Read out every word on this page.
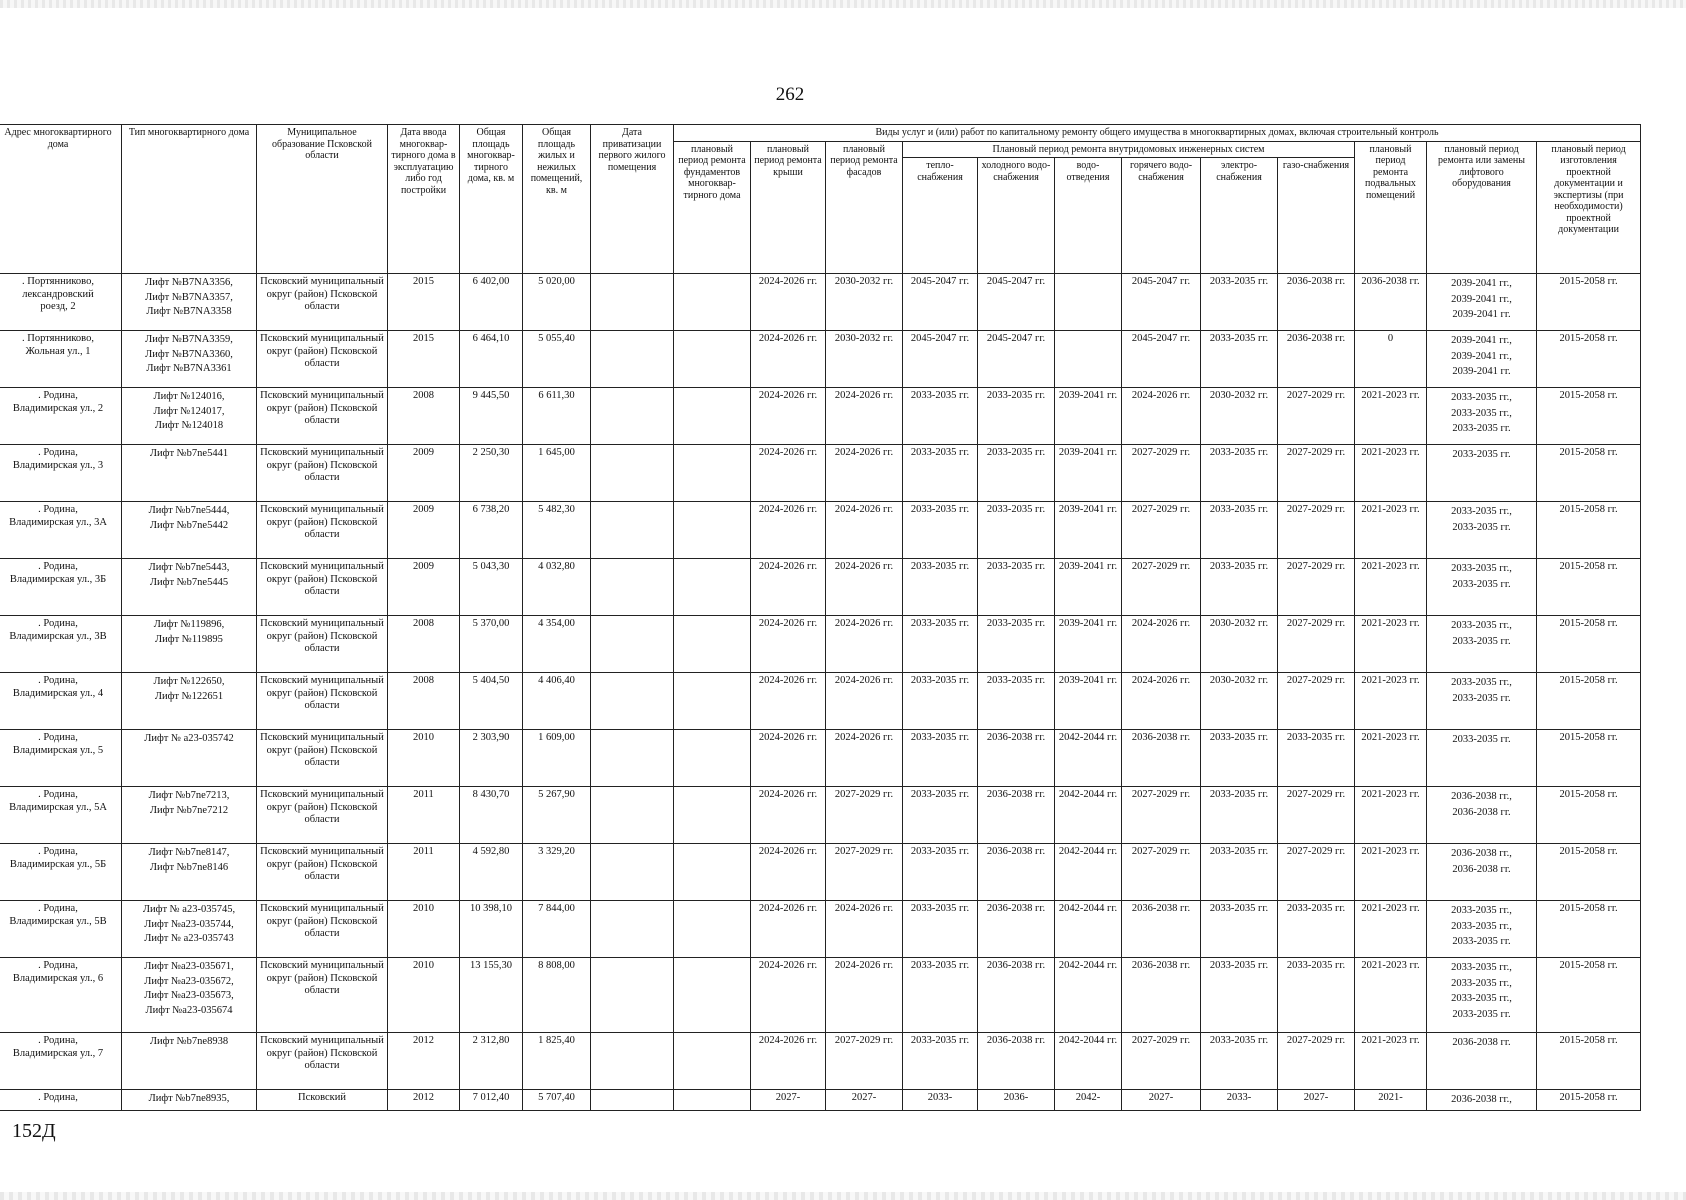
262
Адрес многоквартирного дома	Тип многоквартирного дома	Муниципальное образование Псковской области	Дата ввода многоквар-тирного дома в эксплуатацию либо год постройки	Общая площадь многоквар-тирного дома, кв. м	Общая площадь жилых и нежилых помещений, кв. м	Дата приватизации первого жилого помещения	Виды услуг и (или) работ по капитальному ремонту общего имущества в многоквартирных домах, включая строительный контроль											
							плановый период ремонта фундаментов многоквар-тирного дома	плановый период ремонта крыши	плановый период ремонта фасадов	Плановый период ремонта внутридомовых инженерных систем						плановый период ремонта подвальных помещений	плановый период ремонта или замены лифтового оборудования	плановый период изготовления проектной документации и экспертизы (при необходимости) проектной документации
										тепло-снабжения	холодного водо-снабжения	водо-отведения	горячего водо-снабжения	электро-снабжения	газо-снабжения			

. Портянниково,
лександровский
роезд, 2	Лифт №B7NA3356,
Лифт №B7NA3357,
Лифт №B7NA3358	Псковский муниципальный округ (район) Псковской области	2015	6 402,00	5 020,00			2024-2026 гг.	2030-2032 гг.	2045-2047 гг.	2045-2047 гг.		2045-2047 гг.	2033-2035 гг.	2036-2038 гг.	2036-2038 гг.	2039-2041 гг.,
2039-2041 гг.,
2039-2041 гг.	2015-2058 гг.

. Портянниково,
Жольная ул., 1	Лифт №B7NA3359,
Лифт №B7NA3360,
Лифт №B7NA3361	Псковский муниципальный округ (район) Псковской области	2015	6 464,10	5 055,40			2024-2026 гг.	2030-2032 гг.	2045-2047 гг.	2045-2047 гг.		2045-2047 гг.	2033-2035 гг.	2036-2038 гг.	0	2039-2041 гг.,
2039-2041 гг.,
2039-2041 гг.	2015-2058 гг.

. Родина,
Владимирская ул., 2	Лифт №124016,
Лифт №124017,
Лифт №124018	Псковский муниципальный округ (район) Псковской области	2008	9 445,50	6 611,30			2024-2026 гг.	2024-2026 гг.	2033-2035 гг.	2033-2035 гг.	2039-2041 гг.	2024-2026 гг.	2030-2032 гг.	2027-2029 гг.	2021-2023 гг.	2033-2035 гг.,
2033-2035 гг.,
2033-2035 гг.	2015-2058 гг.

. Родина,
Владимирская ул., 3	Лифт №b7ne5441	Псковский муниципальный округ (район) Псковской области	2009	2 250,30	1 645,00			2024-2026 гг.	2024-2026 гг.	2033-2035 гг.	2033-2035 гг.	2039-2041 гг.	2027-2029 гг.	2033-2035 гг.	2027-2029 гг.	2021-2023 гг.	2033-2035 гг.	2015-2058 гг.

. Родина,
Владимирская ул., 3А	Лифт №b7ne5444,
Лифт №b7ne5442	Псковский муниципальный округ (район) Псковской области	2009	6 738,20	5 482,30			2024-2026 гг.	2024-2026 гг.	2033-2035 гг.	2033-2035 гг.	2039-2041 гг.	2027-2029 гг.	2033-2035 гг.	2027-2029 гг.	2021-2023 гг.	2033-2035 гг.,
2033-2035 гг.	2015-2058 гг.

. Родина,
Владимирская ул., 3Б	Лифт №b7ne5443,
Лифт №b7ne5445	Псковский муниципальный округ (район) Псковской области	2009	5 043,30	4 032,80			2024-2026 гг.	2024-2026 гг.	2033-2035 гг.	2033-2035 гг.	2039-2041 гг.	2027-2029 гг.	2033-2035 гг.	2027-2029 гг.	2021-2023 гг.	2033-2035 гг.,
2033-2035 гг.	2015-2058 гг.

. Родина,
Владимирская ул., 3В	Лифт №119896,
Лифт №119895	Псковский муниципальный округ (район) Псковской области	2008	5 370,00	4 354,00			2024-2026 гг.	2024-2026 гг.	2033-2035 гг.	2033-2035 гг.	2039-2041 гг.	2024-2026 гг.	2030-2032 гг.	2027-2029 гг.	2021-2023 гг.	2033-2035 гг.,
2033-2035 гг.	2015-2058 гг.

. Родина,
Владимирская ул., 4	Лифт №122650,
Лифт №122651	Псковский муниципальный округ (район) Псковской области	2008	5 404,50	4 406,40			2024-2026 гг.	2024-2026 гг.	2033-2035 гг.	2033-2035 гг.	2039-2041 гг.	2024-2026 гг.	2030-2032 гг.	2027-2029 гг.	2021-2023 гг.	2033-2035 гг.,
2033-2035 гг.	2015-2058 гг.

. Родина,
Владимирская ул., 5	Лифт № a23-035742	Псковский муниципальный округ (район) Псковской области	2010	2 303,90	1 609,00			2024-2026 гг.	2024-2026 гг.	2033-2035 гг.	2036-2038 гг.	2042-2044 гг.	2036-2038 гг.	2033-2035 гг.	2033-2035 гг.	2021-2023 гг.	2033-2035 гг.	2015-2058 гг.

. Родина,
Владимирская ул., 5А	Лифт №b7ne7213,
Лифт №b7ne7212	Псковский муниципальный округ (район) Псковской области	2011	8 430,70	5 267,90			2024-2026 гг.	2027-2029 гг.	2033-2035 гг.	2036-2038 гг.	2042-2044 гг.	2027-2029 гг.	2033-2035 гг.	2027-2029 гг.	2021-2023 гг.	2036-2038 гг.,
2036-2038 гг.	2015-2058 гг.

. Родина,
Владимирская ул., 5Б	Лифт №b7ne8147,
Лифт №b7ne8146	Псковский муниципальный округ (район) Псковской области	2011	4 592,80	3 329,20			2024-2026 гг.	2027-2029 гг.	2033-2035 гг.	2036-2038 гг.	2042-2044 гг.	2027-2029 гг.	2033-2035 гг.	2027-2029 гг.	2021-2023 гг.	2036-2038 гг.,
2036-2038 гг.	2015-2058 гг.

. Родина,
Владимирская ул., 5В	Лифт № a23-035745,
Лифт №a23-035744,
Лифт № a23-035743	Псковский муниципальный округ (район) Псковской области	2010	10 398,10	7 844,00			2024-2026 гг.	2024-2026 гг.	2033-2035 гг.	2036-2038 гг.	2042-2044 гг.	2036-2038 гг.	2033-2035 гг.	2033-2035 гг.	2021-2023 гг.	2033-2035 гг.,
2033-2035 гг.,
2033-2035 гг.	2015-2058 гг.

. Родина,
Владимирская ул., 6	Лифт №a23-035671,
Лифт №a23-035672,
Лифт №a23-035673,
Лифт №a23-035674	Псковский муниципальный округ (район) Псковской области	2010	13 155,30	8 808,00			2024-2026 гг.	2024-2026 гг.	2033-2035 гг.	2036-2038 гг.	2042-2044 гг.	2036-2038 гг.	2033-2035 гг.	2033-2035 гг.	2021-2023 гг.	2033-2035 гг.,
2033-2035 гг.,
2033-2035 гг.,
2033-2035 гг.	2015-2058 гг.

. Родина,
Владимирская ул., 7	Лифт №b7ne8938	Псковский муниципальный округ (район) Псковской области	2012	2 312,80	1 825,40			2024-2026 гг.	2027-2029 гг.	2033-2035 гг.	2036-2038 гг.	2042-2044 гг.	2027-2029 гг.	2033-2035 гг.	2027-2029 гг.	2021-2023 гг.	2036-2038 гг.	2015-2058 гг.

. Родина,	Лифт №b7ne8935,	Псковский	2012	7 012,40	5 707,40			2027-	2027-	2033-	2036-	2042-	2027-	2033-	2027-	2021-	2036-2038 гг.,	2015-2058 гг.
152Д
